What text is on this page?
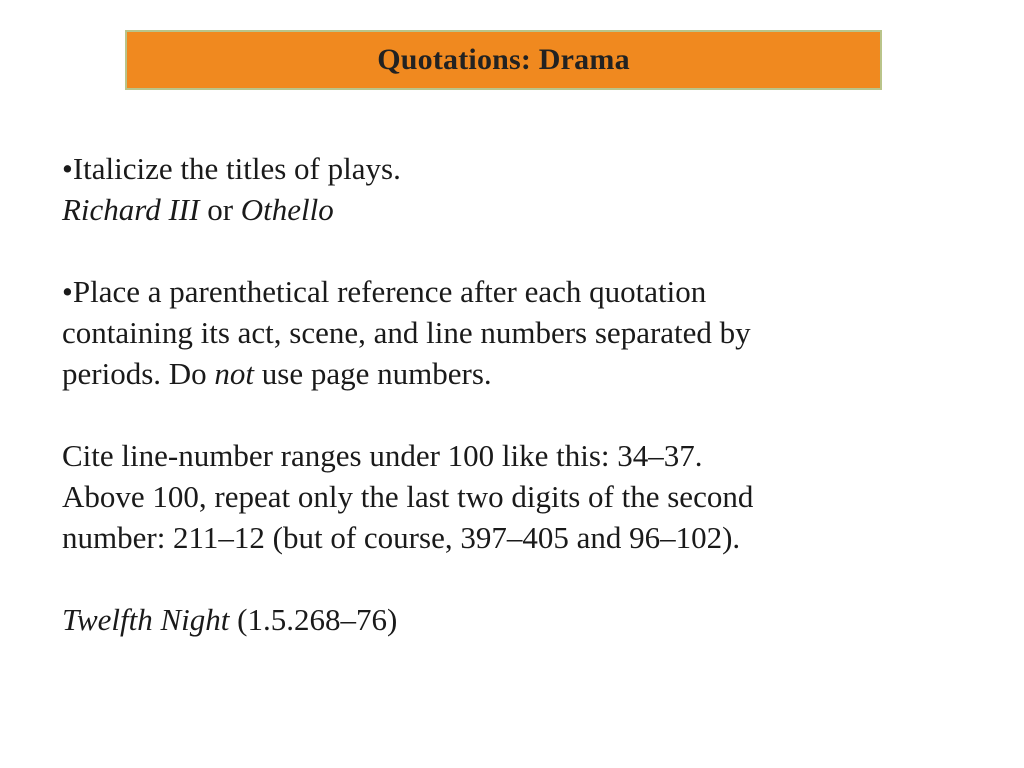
Quotations: Drama

•Italicize the titles of plays.
Richard III or Othello

•Place a parenthetical reference after each quotation
containing its act, scene, and line numbers separated by
periods. Do not use page numbers.

Cite line-number ranges under 100 like this: 34–37.
Above 100, repeat only the last two digits of the second
number: 211–12 (but of course, 397–405 and 96–102).

Twelfth Night (1.5.268–76)
